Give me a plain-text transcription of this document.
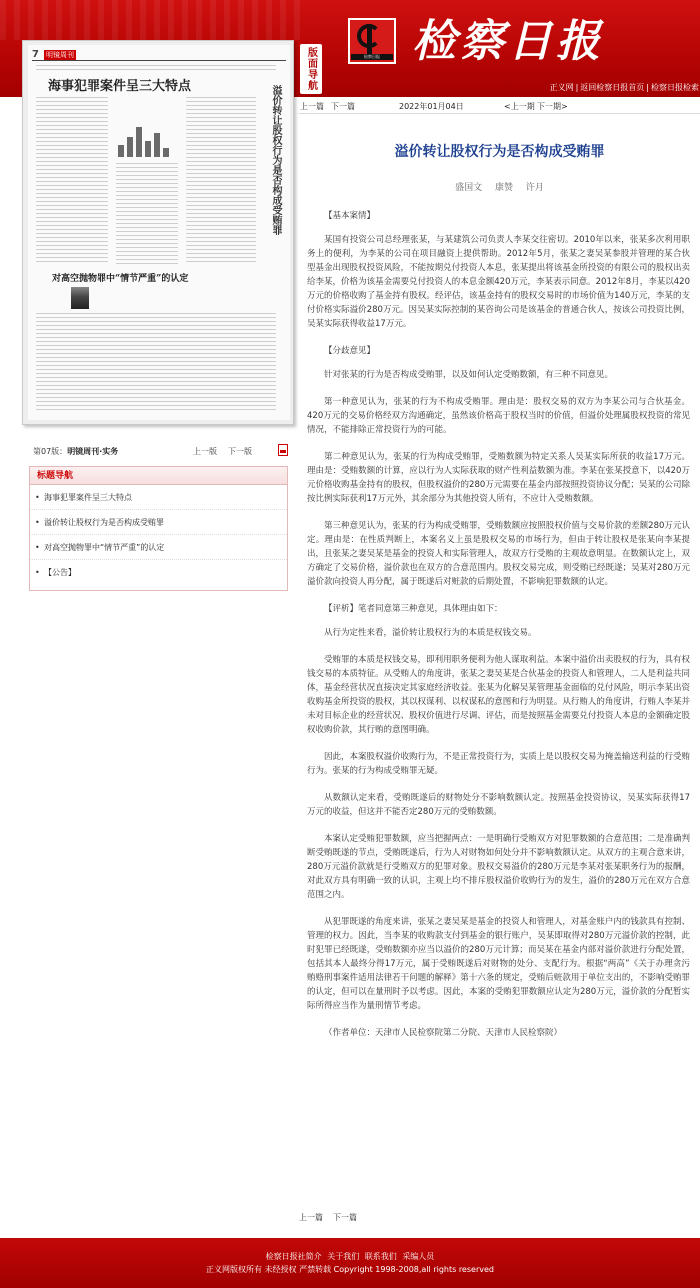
版面导航	检察日报 检察日报
正义网 | 返回检察日报首页 | 检察日报检索
7 明镜周刊
海事犯罪案件呈三大特点	溢价转让股权行为是否构成受贿罪
对高空抛物罪中“情节严重”的认定
第07版：明镜周刊·实务	上一版 下一版
标题导航
• 海事犯罪案件呈三大特点
• 溢价转让股权行为是否构成受贿罪
• 对高空抛物罪中“情节严重”的认定
• 【公告】
上一篇 下一篇	2022年01月04日	<上一期 下一期>
溢价转让股权行为是否构成受贿罪
盛国文 康赞 许月

【基本案情】

某国有投资公司总经理张某，与某建筑公司负责人李某交往密切。2010年以来，张某多次利用职务上的便利，为李某的公司在项目融资上提供帮助。2012年5月，张某之妻吴某参股并管理的某合伙型基金出现股权投资风险，不能按期兑付投资人本息，张某提出将该基金所投资的有限公司的股权出卖给李某，价格为该基金需要兑付投资人的本息金额420万元，李某表示同意。2012年8月，李某以420万元的价格收购了基金持有股权。经评估，该基金持有的股权交易时的市场价值为140万元，李某的支付价格实际溢价280万元。因吴某实际控制的某咨询公司是该基金的普通合伙人，按该公司投资比例，吴某实际获得收益17万元。

【分歧意见】

针对张某的行为是否构成受贿罪，以及如何认定受贿数额，有三种不同意见。

第一种意见认为，张某的行为不构成受贿罪。理由是：股权交易的双方为李某公司与合伙基金。420万元的交易价格经双方沟通确定，虽然该价格高于股权当时的价值，但溢价处理属股权投资的常见情况，不能排除正常投资行为的可能。

第二种意见认为，张某的行为构成受贿罪，受贿数额为特定关系人吴某实际所获的收益17万元。理由是：受贿数额的计算，应以行为人实际获取的财产性利益数额为准。李某在张某授意下，以420万元价格收购基金持有的股权，但股权溢价的280万元需要在基金内部按照投资协议分配；吴某的公司除按比例实际获利17万元外，其余部分为其他投资人所有，不应计入受贿数额。

第三种意见认为，张某的行为构成受贿罪，受贿数额应按照股权价值与交易价款的差额280万元认定。理由是：在性质判断上，本案名义上虽是股权交易的市场行为，但由于转让股权是张某向李某提出，且张某之妻吴某是基金的投资人和实际管理人，故双方行受贿的主观故意明显。在数额认定上，双方确定了交易价格，溢价款也在双方的合意范围内。股权交易完成，则受贿已经既遂；吴某对280万元溢价款向投资人再分配，属于既遂后对赃款的后期处置，不影响犯罪数额的认定。

【评析】笔者同意第三种意见，具体理由如下：

从行为定性来看，溢价转让股权行为的本质是权钱交易。

受贿罪的本质是权钱交易，即利用职务便利为他人谋取利益。本案中溢价出卖股权的行为，具有权钱交易的本质特征。从受贿人的角度讲，张某之妻吴某是合伙基金的投资人和管理人，二人是利益共同体，基金经营状况直接决定其家庭经济收益。张某为化解吴某管理基金面临的兑付风险，明示李某出资收购基金所投资的股权，其以权谋利、以权谋私的意图和行为明显。从行贿人的角度讲，行贿人李某并未对目标企业的经营状况、股权价值进行尽调、评估，而是按照基金需要兑付投资人本息的金额确定股权收购价款，其行贿的意图明确。

因此，本案股权溢价收购行为，不是正常投资行为，实质上是以股权交易为掩盖输送利益的行受贿行为。张某的行为构成受贿罪无疑。

从数额认定来看，受贿既遂后的财物处分不影响数额认定。按照基金投资协议，吴某实际获得17万元的收益，但这并不能否定280万元的受贿数额。

本案认定受贿犯罪数额，应当把握两点：一是明确行受贿双方对犯罪数额的合意范围；二是准确判断受贿既遂的节点，受贿既遂后，行为人对财物如何处分并不影响数额认定。从双方的主观合意来讲，280万元溢价款就是行受贿双方的犯罪对象。股权交易溢价的280万元是李某对张某职务行为的报酬，对此双方具有明确一致的认识，主观上均不排斥股权溢价收购行为的发生，溢价的280万元在双方合意范围之内。

从犯罪既遂的角度来讲，张某之妻吴某是基金的投资人和管理人，对基金账户内的钱款具有控制、管理的权力。因此，当李某的收购款支付到基金的银行账户，吴某即取得对280万元溢价款的控制，此时犯罪已经既遂，受贿数额亦应当以溢价的280万元计算；而吴某在基金内部对溢价款进行分配处置，包括其本人最终分得17万元，属于受贿既遂后对财物的处分、支配行为。根据“两高”《关于办理贪污贿赂刑事案件适用法律若干问题的解释》第十六条的规定，受贿后赃款用于单位支出的，不影响受贿罪的认定，但可以在量刑时予以考虑。因此，本案的受贿犯罪数额应认定为280万元，溢价款的分配暂实际所得应当作为量刑情节考虑。

（作者单位：天津市人民检察院第二分院、天津市人民检察院）

上一篇 下一篇
检察日报社简介 关于我们 联系我们 采编人员
正义网版权所有 未经授权 严禁转载 Copyright 1998-2008,all rights reserved
